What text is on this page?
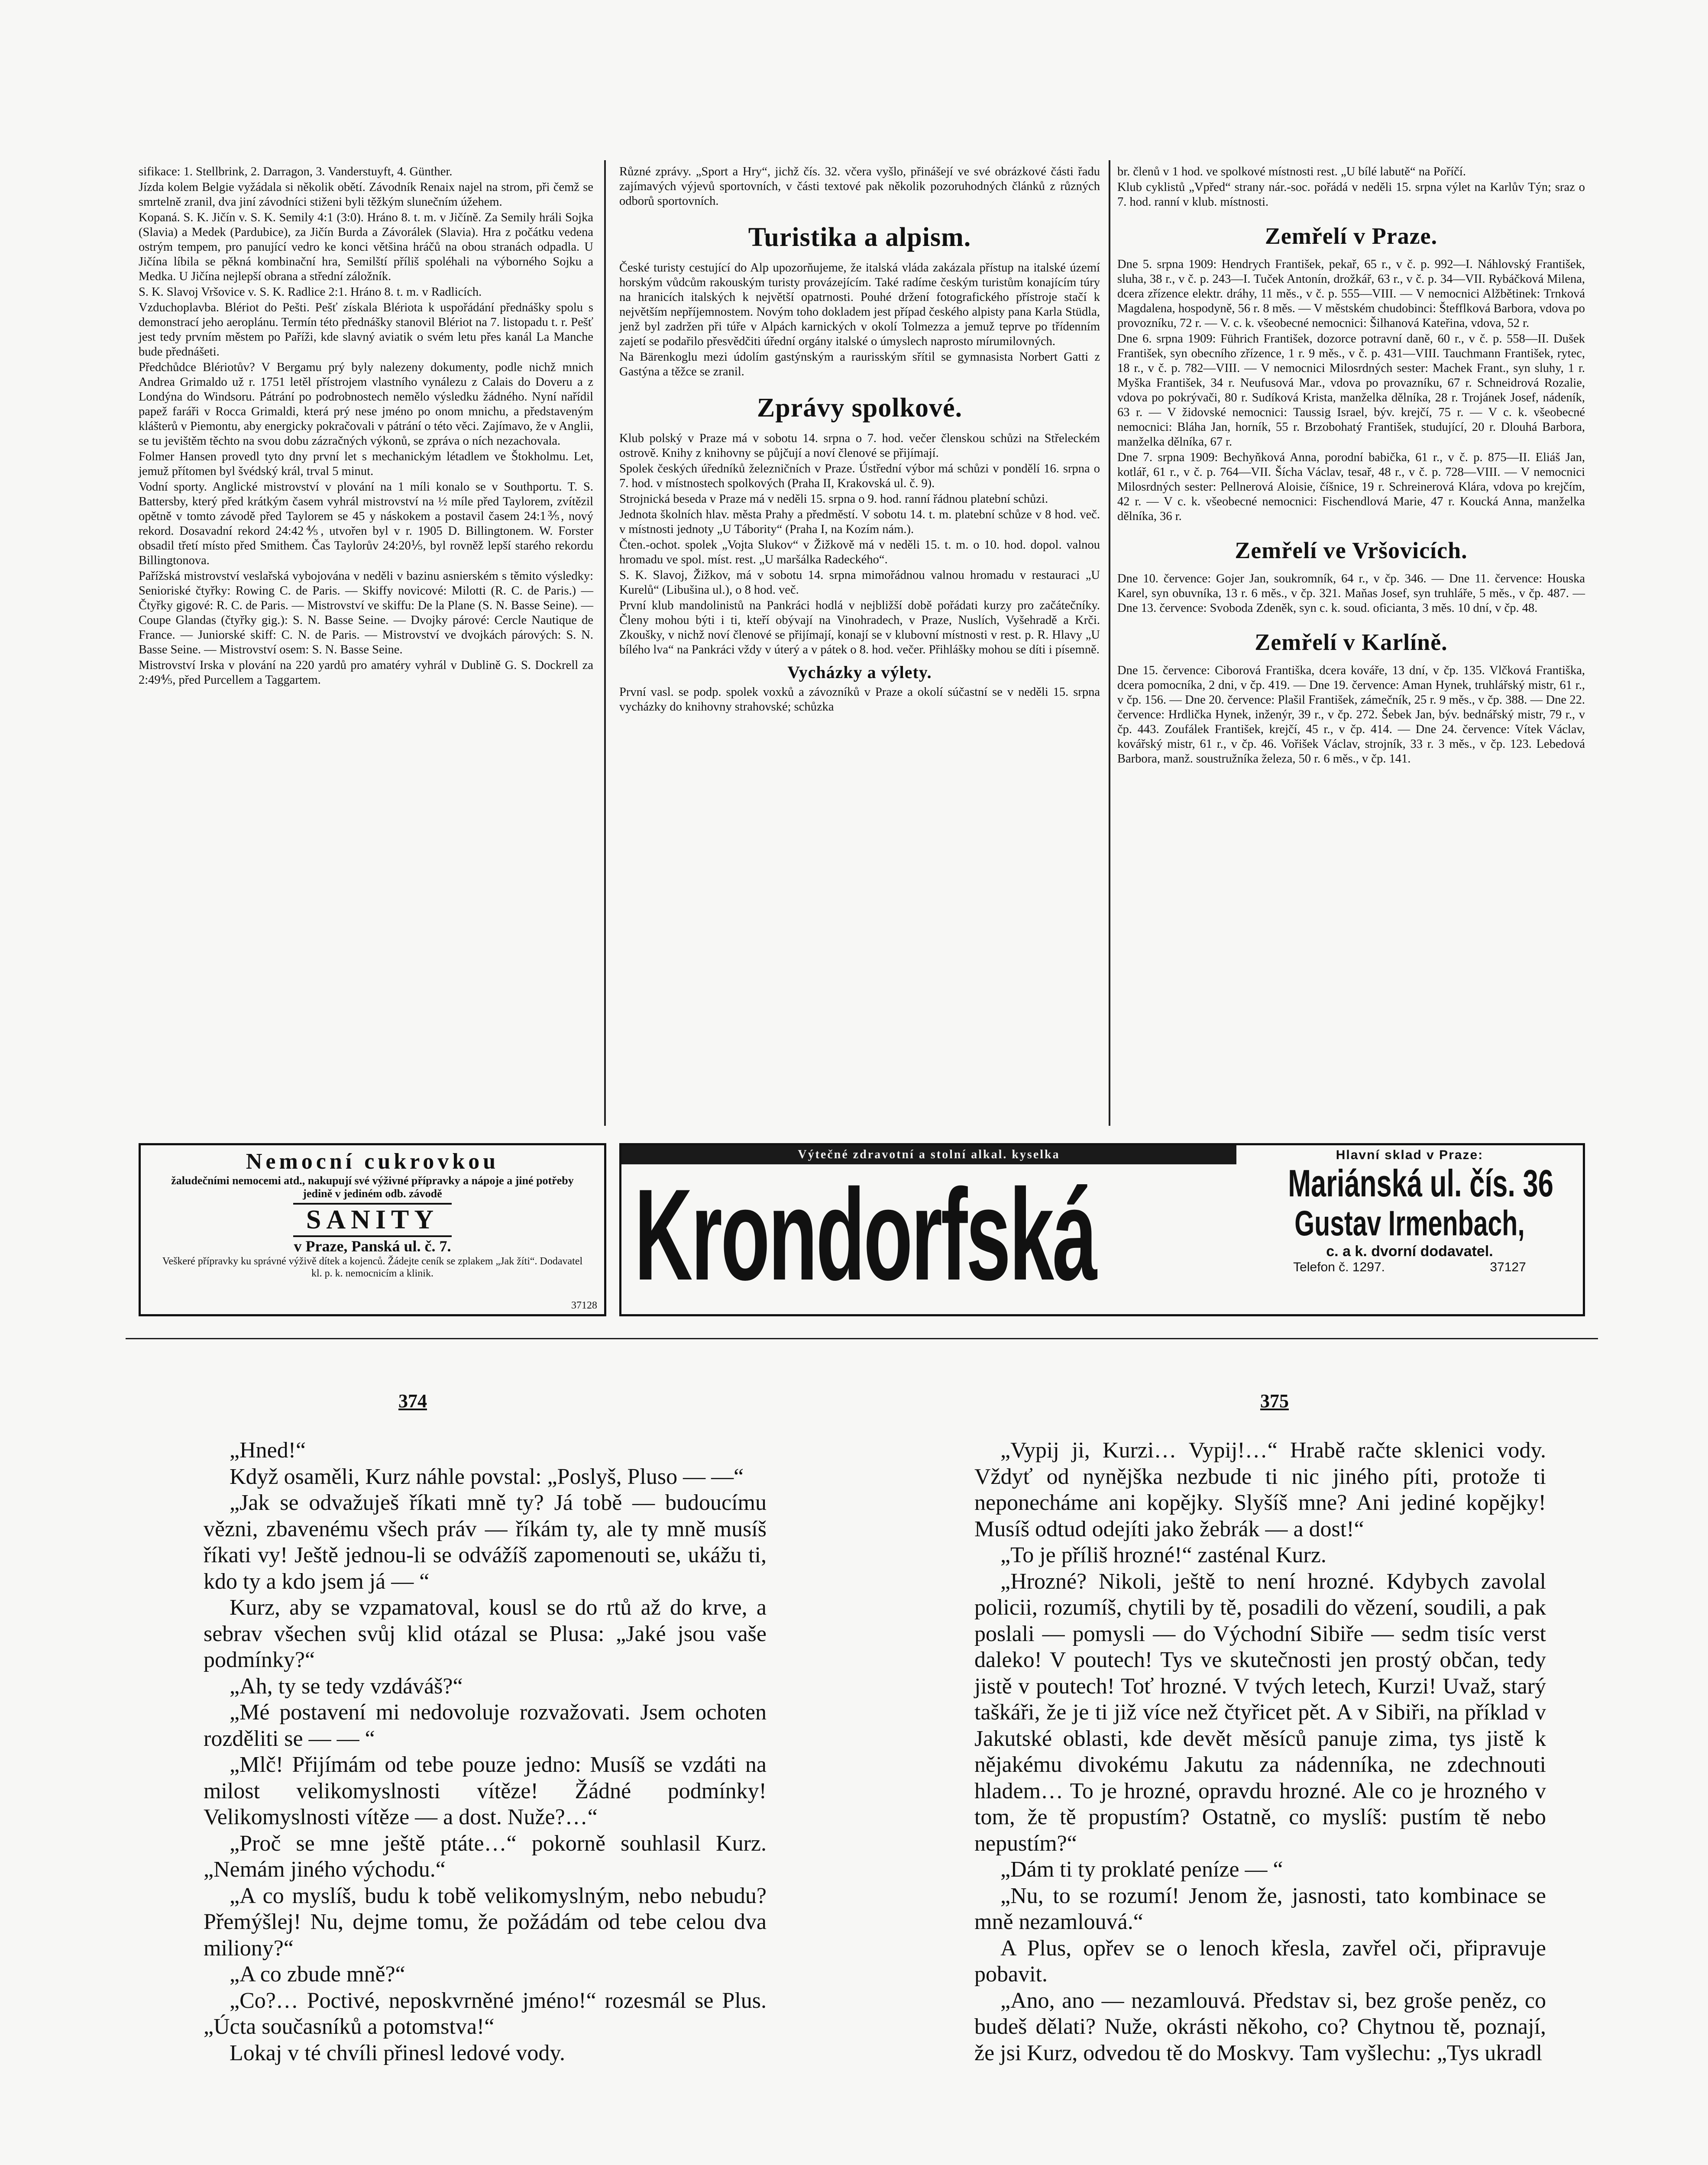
sifikace: 1. Stellbrink, 2. Darragon, 3. Vanderstuyft, 4. Günther.

Jízda kolem Belgie vyžádala si několik obětí. Závodník Renaix najel na strom, při čemž se smrtelně zranil, dva jiní závodníci stiženi byli těžkým slunečním úžehem.

Kopaná. S. K. Jičín v. S. K. Semily 4:1 (3:0). Hráno 8. t. m. v Jičíně. Za Semily hráli Sojka (Slavia) a Medek (Pardubice), za Jičín Burda a Závorálek (Slavia). Hra z počátku vedena ostrým tempem, pro panující vedro ke konci většina hráčů na obou stranách odpadla. U Jičína líbila se pěkná kombinační hra, Semilští příliš spoléhali na výborného Sojku a Medka. U Jičína nejlepší obrana a střední záložník.

S. K. Slavoj Vršovice v. S. K. Radlice 2:1. Hráno 8. t. m. v Radlicích.

Vzduchoplavba. Blériot do Pešti. Pešť získala Blériota k uspořádání přednášky spolu s demonstrací jeho aeroplánu. Termín této přednášky stanovil Blériot na 7. listopadu t. r. Pešť jest tedy prvním městem po Paříži, kde slavný aviatik o svém letu přes kanál La Manche bude přednášeti.

Předchůdce Blériotův? V Bergamu prý byly nalezeny dokumenty, podle nichž mnich Andrea Grimaldo už r. 1751 letěl přístrojem vlastního vynálezu z Calais do Doveru a z Londýna do Windsoru. Pátrání po podrobnostech nemělo výsledku žádného. Nyní nařídil papež faráři v Rocca Grimaldi, která prý nese jméno po onom mnichu, a představeným klášterů v Piemontu, aby energicky pokračovali v pátrání o této věci. Zajímavo, že v Anglii, se tu jevištěm těchto na svou dobu zázračných výkonů, se zpráva o ních nezachovala.

Folmer Hansen provedl tyto dny první let s mechanickým létadlem ve Štokholmu. Let, jemuž přítomen byl švédský král, trval 5 minut.

Vodní sporty. Anglické mistrovství v plování na 1 míli konalo se v Southportu. T. S. Battersby, který před krátkým časem vyhrál mistrovství na ½ míle před Taylorem, zvítězil opětně v tomto závodě před Taylorem se 45 y náskokem a postavil časem 24:1⅗, nový rekord. Dosavadní rekord 24:42⅘, utvořen byl v r. 1905 D. Billingtonem. W. Forster obsadil třetí místo před Smithem. Čas Taylorův 24:20⅕, byl rovněž lepší starého rekordu Billingtonova.

Pařížská mistrovství veslařská vybojována v neděli v bazinu asnierském s těmito výsledky: Senioriské čtyřky: Rowing C. de Paris. — Skiffy novicové: Milotti (R. C. de Paris.) — Čtyřky gigové: R. C. de Paris. — Mistrovství ve skiffu: De la Plane (S. N. Basse Seine). — Coupe Glandas (čtyřky gig.): S. N. Basse Seine. — Dvojky párové: Cercle Nautique de France. — Juniorské skiff: C. N. de Paris. — Mistrovství ve dvojkách párových: S. N. Basse Seine. — Mistrovství osem: S. N. Basse Seine.

Mistrovství Irska v plování na 220 yardů pro amatéry vyhrál v Dublině G. S. Dockrell za 2:49⅘, před Purcellem a Taggartem.

Různé zprávy. „Sport a Hry“, jichž čís. 32. včera vyšlo, přinášejí ve své obrázkové části řadu zajímavých výjevů sportovních, v části textové pak několik pozoruhodných článků z různých odborů sportovních.

Turistika a alpism.

České turisty cestující do Alp upozorňujeme, že italská vláda zakázala přístup na italské území horským vůdcům rakouským turisty provázejícím. Také radíme českým turistům konajícím túry na hranicích italských k největší opatrnosti. Pouhé držení fotografického přístroje stačí k největším nepříjemnostem. Novým toho dokladem jest případ českého alpisty pana Karla Stüdla, jenž byl zadržen při túře v Alpách karnických v okolí Tolmezza a jemuž teprve po třídenním zajetí se podařilo přesvědčiti úřední orgány italské o úmyslech naprosto mírumilovných.

Na Bärenkoglu mezi údolím gastýnským a raurisským sřítil se gymnasista Norbert Gatti z Gastýna a těžce se zranil.

Zprávy spolkové.

Klub polský v Praze má v sobotu 14. srpna o 7. hod. večer členskou schůzi na Střeleckém ostrově. Knihy z knihovny se půjčují a noví členové se přijímají.

Spolek českých úředníků železničních v Praze. Ústřední výbor má schůzi v pondělí 16. srpna o 7. hod. v místnostech spolkových (Praha II, Krakovská ul. č. 9).

Strojnická beseda v Praze má v neděli 15. srpna o 9. hod. ranní řádnou platební schůzi.

Jednota školních hlav. města Prahy a předměstí. V sobotu 14. t. m. platební schůze v 8 hod. več. v místnosti jednoty „U Tábority“ (Praha I, na Kozím nám.).

Čten.-ochot. spolek „Vojta Slukov“ v Žižkově má v neděli 15. t. m. o 10. hod. dopol. valnou hromadu ve spol. míst. rest. „U maršálka Radeckého“.

S. K. Slavoj, Žižkov, má v sobotu 14. srpna mimořádnou valnou hromadu v restauraci „U Kurelů“ (Libušina ul.), o 8 hod. več.

První klub mandolinistů na Pankráci hodlá v nejbližší době pořádati kurzy pro začátečníky. Členy mohou býti i ti, kteří obývají na Vinohradech, v Praze, Nuslích, Vyšehradě a Krči. Zkoušky, v nichž noví členové se přijímají, konají se v klubovní místnosti v rest. p. R. Hlavy „U bílého lva“ na Pankráci vždy v úterý a v pátek o 8. hod. večer. Přihlášky mohou se díti i písemně.

Vycházky a výlety.

První vasl. se podp. spolek voxků a závozníků v Praze a okolí súčastní se v neděli 15. srpna vycházky do knihovny strahovské; schůzka

br. členů v 1 hod. ve spolkové místnosti rest. „U bílé labutě“ na Poříčí.

Klub cyklistů „Vpřed“ strany nár.-soc. pořádá v neděli 15. srpna výlet na Karlův Týn; sraz o 7. hod. ranní v klub. místnosti.

Zemřelí v Praze.

Dne 5. srpna 1909: Hendrych František, pekař, 65 r., v č. p. 992—I. Náhlovský František, sluha, 38 r., v č. p. 243—I. Tuček Antonín, drožkář, 63 r., v č. p. 34—VII. Rybáčková Milena, dcera zřízence elektr. dráhy, 11 měs., v č. p. 555—VIII. — V nemocnici Alžbětinek: Trnková Magdalena, hospodyně, 56 r. 8 měs. — V městském chudobinci: Štefflková Barbora, vdova po provozníku, 72 r. — V. c. k. všeobecné nemocnici: Šilhanová Kateřina, vdova, 52 r.

Dne 6. srpna 1909: Führich František, dozorce potravní daně, 60 r., v č. p. 558—II. Dušek František, syn obecního zřízence, 1 r. 9 měs., v č. p. 431—VIII. Tauchmann František, rytec, 18 r., v č. p. 782—VIII. — V nemocnici Milosrdných sester: Machek Frant., syn sluhy, 1 r. Myška František, 34 r. Neufusová Mar., vdova po provazníku, 67 r. Schneidrová Rozalie, vdova po pokrývači, 80 r. Sudíková Krista, manželka dělníka, 28 r. Trojánek Josef, nádeník, 63 r. — V židovské nemocnici: Taussig Israel, býv. krejčí, 75 r. — V c. k. všeobecné nemocnici: Bláha Jan, horník, 55 r. Brzobohatý František, studující, 20 r. Dlouhá Barbora, manželka dělníka, 67 r.

Dne 7. srpna 1909: Bechyňková Anna, porodní babička, 61 r., v č. p. 875—II. Eliáš Jan, kotlář, 61 r., v č. p. 764—VII. Šícha Václav, tesař, 48 r., v č. p. 728—VIII. — V nemocnici Milosrdných sester: Pellnerová Aloisie, číšnice, 19 r. Schreinerová Klára, vdova po krejčím, 42 r. — V c. k. všeobecné nemocnici: Fischendlová Marie, 47 r. Koucká Anna, manželka dělníka, 36 r.

Zemřelí ve Vršovicích.

Dne 10. července: Gojer Jan, soukromník, 64 r., v čp. 346. — Dne 11. července: Houska Karel, syn obuvníka, 13 r. 6 měs., v čp. 321. Maňas Josef, syn truhláře, 5 měs., v čp. 487. — Dne 13. července: Svoboda Zdeněk, syn c. k. soud. oficianta, 3 měs. 10 dní, v čp. 48.

Zemřelí v Karlíně.

Dne 15. července: Ciborová Františka, dcera kováře, 13 dní, v čp. 135. Vlčková Františka, dcera pomocníka, 2 dni, v čp. 419. — Dne 19. července: Aman Hynek, truhlářský mistr, 61 r., v čp. 156. — Dne 20. července: Plašil František, zámečník, 25 r. 9 měs., v čp. 388. — Dne 22. července: Hrdlička Hynek, inženýr, 39 r., v čp. 272. Šebek Jan, býv. bednářský mistr, 79 r., v čp. 443. Zoufálek František, krejčí, 45 r., v čp. 414. — Dne 24. července: Vítek Václav, kovářský mistr, 61 r., v čp. 46. Vořišek Václav, strojník, 33 r. 3 měs., v čp. 123. Lebedová Barbora, manž. soustružníka železa, 50 r. 6 měs., v čp. 141.

Nemocní cukrovkou
žaludečními nemocemi atd., nakupují své výživné přípravky a nápoje a jiné potřeby jedině v jediném odb. závodě
SANITY
v Praze, Panská ul. č. 7.
Veškeré přípravky ku správné výživě dítek a kojenců. Žádejte ceník se zplakem „Jak žíti“. Dodavatel kl. p. k. nemocnicím a klinik.
37128
Výtečné zdravotní a stolní alkal. kyselka
Krondorfská
Hlavní sklad v Praze:
Mariánská ul. čís. 36
Gustav Irmenbach,
c. a k. dvorní dodavatel.
Telefon č. 1297.	37127
374	375

„Hned!“

Když osaměli, Kurz náhle povstal: „Poslyš, Pluso — —“

„Jak se odvažuješ říkati mně ty? Já tobě — budoucímu vězni, zbavenému všech práv — říkám ty, ale ty mně musíš říkati vy! Ještě jednou-li se odvážíš zapomenouti se, ukážu ti, kdo ty a kdo jsem já — “

Kurz, aby se vzpamatoval, kousl se do rtů až do krve, a sebrav všechen svůj klid otázal se Plusa: „Jaké jsou vaše podmínky?“

„Ah, ty se tedy vzdáváš?“

„Mé postavení mi nedovoluje rozvažovati. Jsem ochoten rozděliti se — — “

„Mlč! Přijímám od tebe pouze jedno: Musíš se vzdáti na milost velikomyslnosti vítěze! Žádné podmínky! Velikomyslnosti vítěze — a dost. Nuže?…“

„Proč se mne ještě ptáte…“ pokorně souhlasil Kurz. „Nemám jiného východu.“

„A co myslíš, budu k tobě velikomyslným, nebo nebudu? Přemýšlej! Nu, dejme tomu, že požádám od tebe celou dva miliony?“

„A co zbude mně?“

„Co?… Poctivé, neposkvrněné jméno!“ rozesmál se Plus. „Úcta současníků a potomstva!“

Lokaj v té chvíli přinesl ledové vody.

„Vypij ji, Kurzi… Vypij!…“ Hrabě račte sklenici vody. Vždyť od nynějška nezbude ti nic jiného píti, protože ti neponecháme ani kopějky. Slyšíš mne? Ani jediné kopějky! Musíš odtud odejíti jako žebrák — a dost!“

„To je příliš hrozné!“ zasténal Kurz.

„Hrozné? Nikoli, ještě to není hrozné. Kdybych zavolal policii, rozumíš, chytili by tě, posadili do vězení, soudili, a pak poslali — pomysli — do Východní Sibiře — sedm tisíc verst daleko! V poutech! Tys ve skutečnosti jen prostý občan, tedy jistě v poutech! Toť hrozné. V tvých letech, Kurzi! Uvaž, starý taškáři, že je ti již více než čtyřicet pět. A v Sibiři, na příklad v Jakutské oblasti, kde devět měsíců panuje zima, tys jistě k nějakému divokému Jakutu za nádenníka, ne zdechnouti hladem… To je hrozné, opravdu hrozné. Ale co je hrozného v tom, že tě propustím? Ostatně, co myslíš: pustím tě nebo nepustím?“

„Dám ti ty proklaté peníze — “

„Nu, to se rozumí! Jenom že, jasnosti, tato kombinace se mně nezamlouvá.“

A Plus, opřev se o lenoch křesla, zavřel oči, připravuje pobavit.

„Ano, ano — nezamlouvá. Představ si, bez groše peněz, co budeš dělati? Nuže, okrásti někoho, co? Chytnou tě, poznají, že jsi Kurz, odvedou tě do Moskvy. Tam vyšlechu: „Tys ukradl
